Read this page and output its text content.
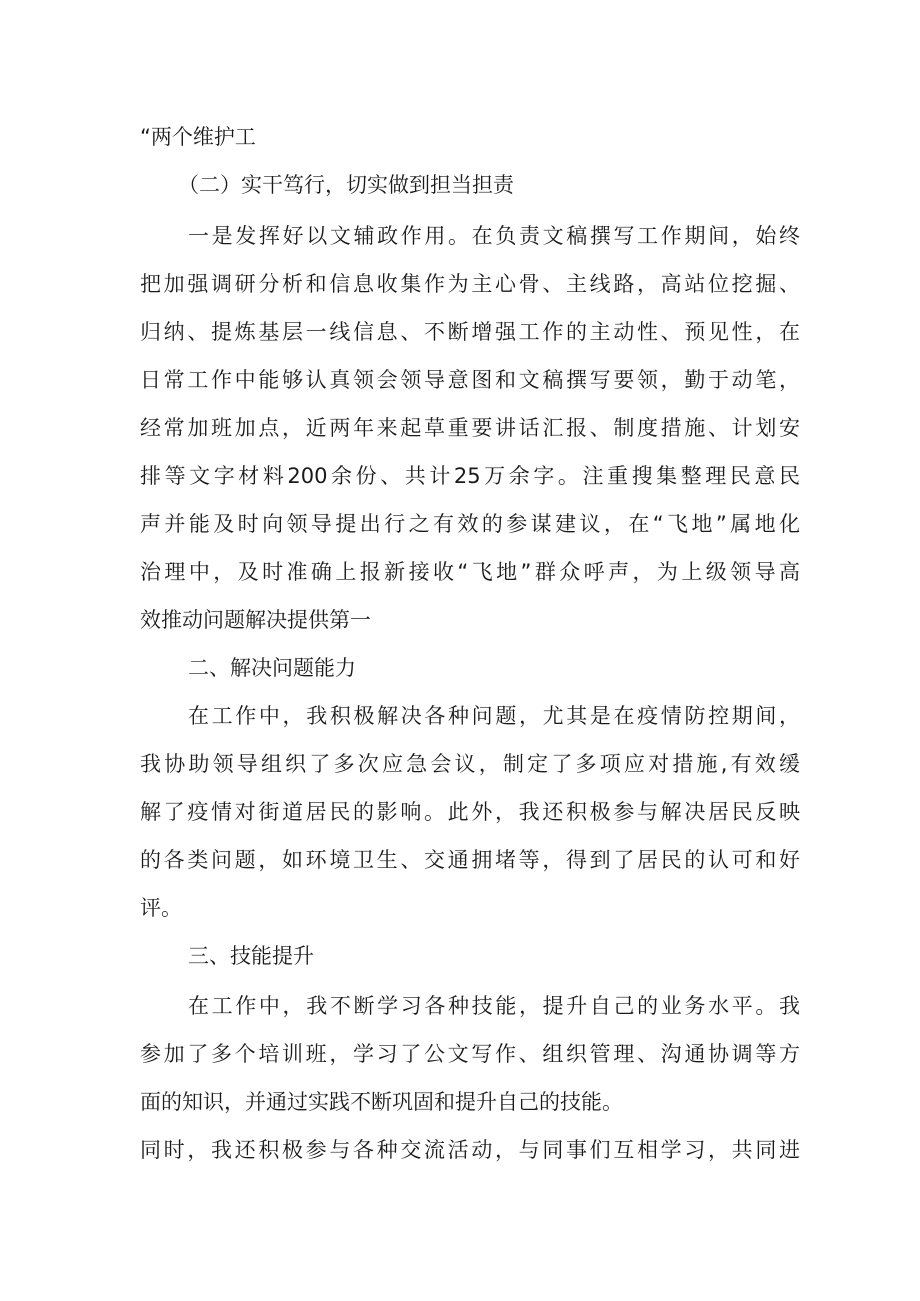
“两个维护工
（二）实干笃行，切实做到担当担责
一是发挥好以文辅政作用。在负责文稿撰写工作期间，始终
把加强调研分析和信息收集作为主心骨、主线路，高站位挖掘、
归纳、提炼基层一线信息、不断增强工作的主动性、预见性，在
日常工作中能够认真领会领导意图和文稿撰写要领，勤于动笔，
经常加班加点，近两年来起草重要讲话汇报、制度措施、计划安
排等文字材料200余份、共计25万余字。注重搜集整理民意民
声并能及时向领导提出行之有效的参谋建议，在“飞地”属地化
治理中，及时准确上报新接收“飞地”群众呼声，为上级领导高
效推动问题解决提供第一
二、解决问题能力
在工作中，我积极解决各种问题，尤其是在疫情防控期间，
我协助领导组织了多次应急会议，制定了多项应对措施,有效缓
解了疫情对街道居民的影响。此外，我还积极参与解决居民反映
的各类问题，如环境卫生、交通拥堵等，得到了居民的认可和好
评。
三、技能提升
在工作中，我不断学习各种技能，提升自己的业务水平。我
参加了多个培训班，学习了公文写作、组织管理、沟通协调等方
面的知识，并通过实践不断巩固和提升自己的技能。
同时，我还积极参与各种交流活动，与同事们互相学习，共同进
